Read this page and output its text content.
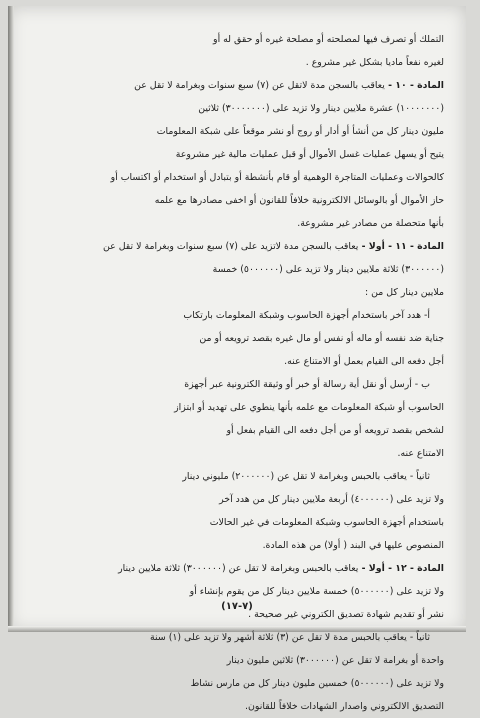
التملك أو تصرف فيها لمصلحته أو مصلحة غيره أو حقق له أو

لغيره نفعاً ماديا بشكل غير مشروع .

المادة - ١٠ - يعاقب بالسجن مدة لاتقل عن (٧) سبع سنوات وبغرامة لا تقل عن

(١٠٠٠٠٠٠٠) عشرة ملايين دينار ولا تزيد على (٣٠٠٠٠٠٠٠) ثلاثين

مليون دينار كل من أنشأ أو أدار أو روج أو نشر موقعاً على شبكة المعلومات

يتيح أو يسهل عمليات غسل الأموال أو قبل عمليات مالية غير مشروعة

كالحوالات وعمليات المتاجرة الوهمية أو قام بأنشطة أو بتبادل أو استخدام أو اكتساب أو

حاز الأموال أو بالوسائل الالكترونية خلافاً للقانون أو اخفى مصادرها مع علمه

بأنها متحصلة من مصادر غير مشروعة.

المادة - ١١ - أولا - يعاقب بالسجن مدة لاتزيد على (٧) سبع سنوات وبغرامة لا تقل عن

(٣٠٠٠٠٠٠) ثلاثة ملايين دينار ولا تزيد على (٥٠٠٠٠٠٠) خمسة

ملايين دينار كل من :

أ- هدد آخر باستخدام أجهزة الحاسوب وشبكة المعلومات بارتكاب

جناية ضد نفسه أو ماله أو نفس أو مال غيره بقصد ترويعه أو من

أجل دفعه الى القيام بعمل أو الامتناع عنه.

ب - أرسل أو نقل أية رسالة أو خبر أو وثيقة الكترونية عبر أجهزة

الحاسوب أو شبكة المعلومات مع علمه بأنها ينطوي على تهديد أو ابتزاز

لشخص بقصد ترويعه أو من أجل دفعه الى القيام بفعل أو

الامتناع عنه.

ثانياً - يعاقب بالحبس وبغرامة لا تقل عن (٢٠٠٠٠٠٠) مليوني دينار

ولا تزيد على (٤٠٠٠٠٠٠) أربعة ملايين دينار كل من هدد آخر

باستخدام أجهزة الحاسوب وشبكة المعلومات في غير الحالات

المنصوص عليها في البند ( أولا) من هذه المادة.

المادة - ١٢ - أولا - يعاقب بالحبس وبغرامة لا تقل عن (٣٠٠٠٠٠٠) ثلاثة ملايين دينار

ولا تزيد على (٥٠٠٠٠٠٠) خمسة ملايين دينار كل من يقوم بإنشاء أو

نشر أو تقديم شهادة تصديق الكتروني غير صحيحة .

ثانياً - يعاقب بالحبس مدة لا تقل عن (٣) ثلاثة أشهر ولا تزيد على (١) سنة

واحدة أو بغرامة لا تقل عن (٣٠٠٠٠٠٠) ثلاثين مليون دينار

ولا تزيد على (٥٠٠٠٠٠٠) خمسين مليون دينار كل من مارس نشاط

التصديق الالكتروني واصدار الشهادات خلافاً للقانون.

(٧-١٧)
